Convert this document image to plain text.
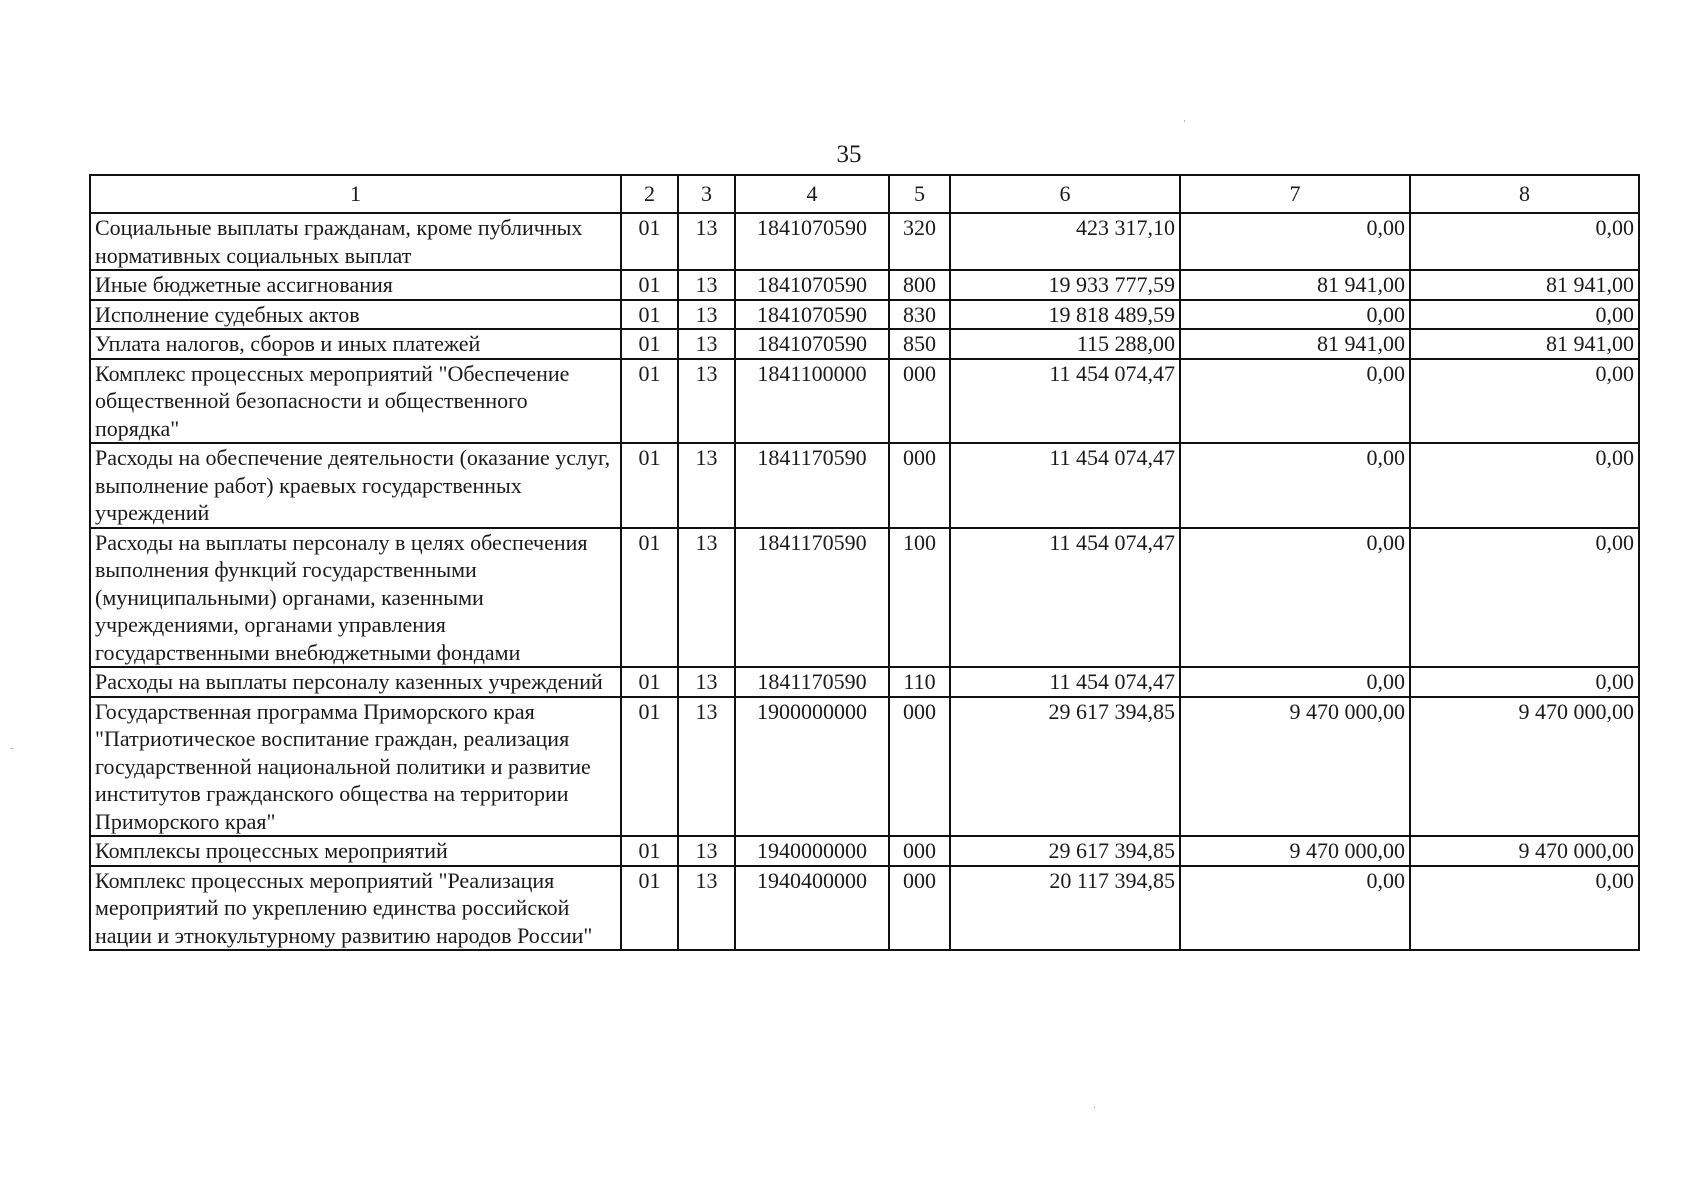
35
1	2	3	4	5	6	7	8
Социальные выплаты гражданам, кроме публичных нормативных социальных выплат	01	13	1841070590	320	423 317,10	0,00	0,00
Иные бюджетные ассигнования	01	13	1841070590	800	19 933 777,59	81 941,00	81 941,00
Исполнение судебных актов	01	13	1841070590	830	19 818 489,59	0,00	0,00
Уплата налогов, сборов и иных платежей	01	13	1841070590	850	115 288,00	81 941,00	81 941,00
Комплекс процессных мероприятий "Обеспечение общественной безопасности и общественного порядка"	01	13	1841100000	000	11 454 074,47	0,00	0,00
Расходы на обеспечение деятельности (оказание услуг, выполнение работ) краевых государственных учреждений	01	13	1841170590	000	11 454 074,47	0,00	0,00
Расходы на выплаты персоналу в целях обеспечения выполнения функций государственными (муниципальными) органами, казенными учреждениями, органами управления государственными внебюджетными фондами	01	13	1841170590	100	11 454 074,47	0,00	0,00
Расходы на выплаты персоналу казенных учреждений	01	13	1841170590	110	11 454 074,47	0,00	0,00
Государственная программа Приморского края "Патриотическое воспитание граждан, реализация государственной национальной политики и развитие институтов гражданского общества на территории Приморского края"	01	13	1900000000	000	29 617 394,85	9 470 000,00	9 470 000,00
Комплексы процессных мероприятий	01	13	1940000000	000	29 617 394,85	9 470 000,00	9 470 000,00
Комплекс процессных мероприятий "Реализация мероприятий по укреплению единства российской нации и этнокультурному развитию народов России"	01	13	1940400000	000	20 117 394,85	0,00	0,00
